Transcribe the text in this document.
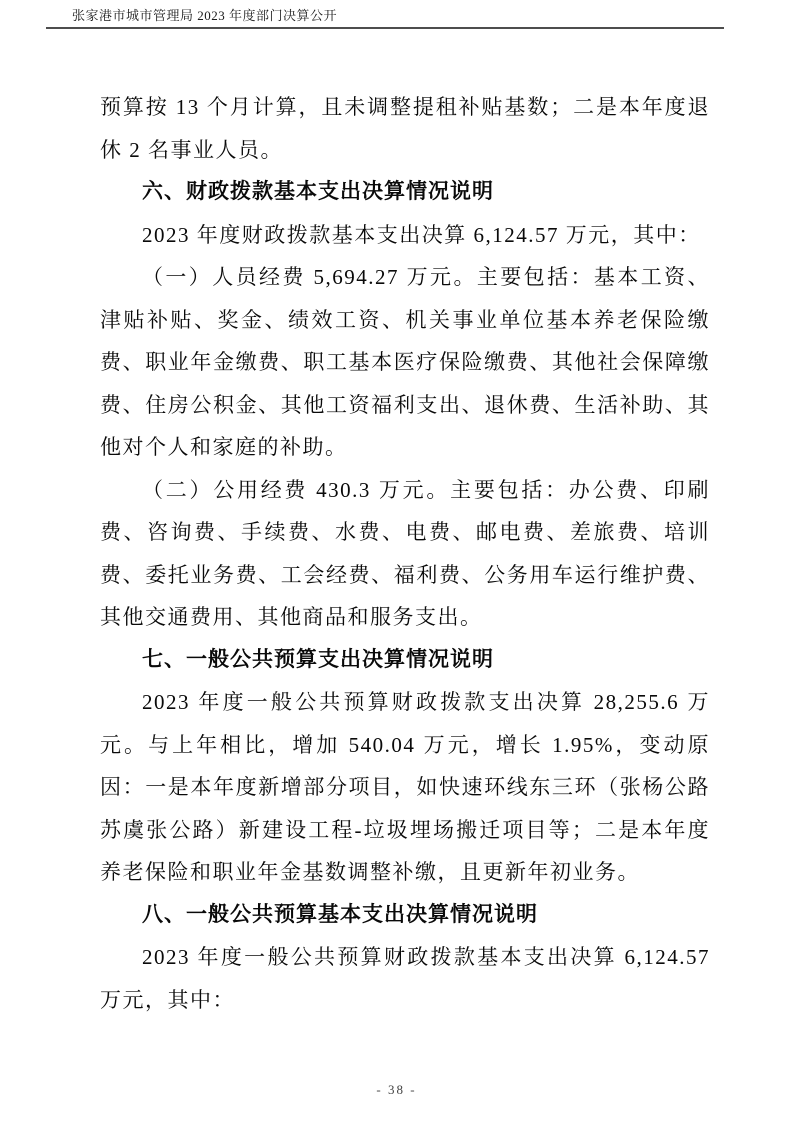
张家港市城市管理局 2023 年度部门决算公开

预算按 13 个月计算，且未调整提租补贴基数；二是本年度退休 2 名事业人员。

六、财政拨款基本支出决算情况说明

2023 年度财政拨款基本支出决算 6,124.57 万元，其中：

（一）人员经费 5,694.27 万元。主要包括：基本工资、津贴补贴、奖金、绩效工资、机关事业单位基本养老保险缴费、职业年金缴费、职工基本医疗保险缴费、其他社会保障缴费、住房公积金、其他工资福利支出、退休费、生活补助、其他对个人和家庭的补助。

（二）公用经费 430.3 万元。主要包括：办公费、印刷费、咨询费、手续费、水费、电费、邮电费、差旅费、培训费、委托业务费、工会经费、福利费、公务用车运行维护费、其他交通费用、其他商品和服务支出。

七、一般公共预算支出决算情况说明

2023 年度一般公共预算财政拨款支出决算 28,255.6 万元。与上年相比，增加 540.04 万元，增长 1.95%，变动原因：一是本年度新增部分项目，如快速环线东三环（张杨公路苏虞张公路）新建设工程-垃圾埋场搬迁项目等；二是本年度养老保险和职业年金基数调整补缴，且更新年初业务。

八、一般公共预算基本支出决算情况说明

2023 年度一般公共预算财政拨款基本支出决算 6,124.57 万元，其中：

- 38 -
